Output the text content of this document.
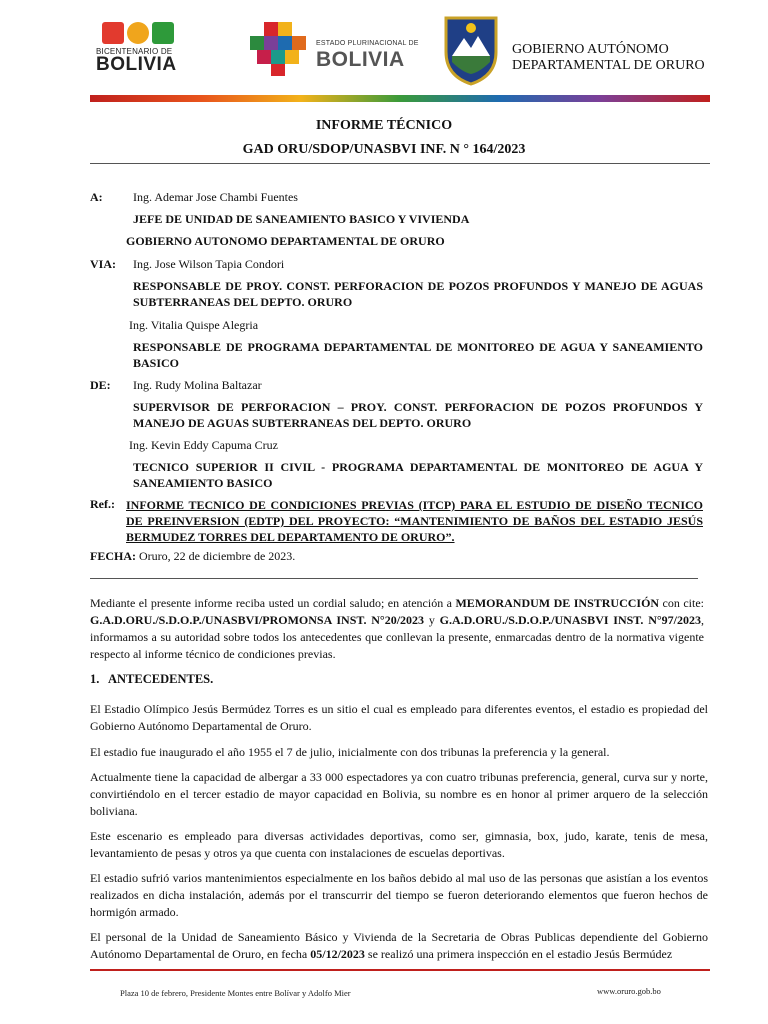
BICENTENARIO DE
BOLIVIA
ESTADO PLURINACIONAL DE
BOLIVIA	GOBIERNO AUTÓNOMO
DEPARTAMENTAL DE ORURO
INFORME TÉCNICO
GAD ORU/SDOP/UNASBVI INF. N ° 164/2023
A:	Ing. Ademar Jose Chambi Fuentes
JEFE DE UNIDAD DE SANEAMIENTO BASICO Y VIVIENDA
GOBIERNO AUTONOMO DEPARTAMENTAL DE ORURO
VIA: Ing. Jose Wilson Tapia Condori
RESPONSABLE DE PROY. CONST. PERFORACION DE POZOS PROFUNDOS Y MANEJO DE AGUAS SUBTERRANEAS DEL DEPTO. ORURO
Ing. Vitalia Quispe Alegria
RESPONSABLE DE PROGRAMA DEPARTAMENTAL DE MONITOREO DE AGUA Y SANEAMIENTO BASICO
DE: Ing. Rudy Molina Baltazar
SUPERVISOR DE PERFORACION – PROY. CONST. PERFORACION DE POZOS PROFUNDOS Y MANEJO DE AGUAS SUBTERRANEAS DEL DEPTO. ORURO
Ing. Kevin Eddy Capuma Cruz
TECNICO SUPERIOR II CIVIL - PROGRAMA DEPARTAMENTAL DE MONITOREO DE AGUA Y SANEAMIENTO BASICO
Ref.: INFORME TECNICO DE CONDICIONES PREVIAS (ITCP) PARA EL ESTUDIO DE DISEÑO TECNICO DE PREINVERSION (EDTP) DEL PROYECTO: “MANTENIMIENTO DE BAÑOS DEL ESTADIO JESÚS BERMUDEZ TORRES DEL DEPARTAMENTO DE ORURO”.
FECHA: Oruro, 22 de diciembre de 2023.
Mediante el presente informe reciba usted un cordial saludo; en atención a MEMORANDUM DE INSTRUCCIÓN con cite: G.A.D.ORU./S.D.O.P./UNASBVI/PROMONSA INST. N°20/2023 y G.A.D.ORU./S.D.O.P./UNASBVI INST. N°97/2023, informamos a su autoridad sobre todos los antecedentes que conllevan la presente, enmarcadas dentro de la normativa vigente respecto al informe técnico de condiciones previas.
1. ANTECEDENTES.
El Estadio Olímpico Jesús Bermúdez Torres es un sitio el cual es empleado para diferentes eventos, el estadio es propiedad del Gobierno Autónomo Departamental de Oruro.
El estadio fue inaugurado el año 1955 el 7 de julio, inicialmente con dos tribunas la preferencia y la general.
Actualmente tiene la capacidad de albergar a 33 000 espectadores ya con cuatro tribunas preferencia, general, curva sur y norte, convirtiéndolo en el tercer estadio de mayor capacidad en Bolivia, su nombre es en honor al primer arquero de la selección boliviana.
Este escenario es empleado para diversas actividades deportivas, como ser, gimnasia, box, judo, karate, tenis de mesa, levantamiento de pesas y otros ya que cuenta con instalaciones de escuelas deportivas.
El estadio sufrió varios mantenimientos especialmente en los baños debido al mal uso de las personas que asistían a los eventos realizados en dicha instalación, además por el transcurrir del tiempo se fueron deteriorando elementos que fueron hechos de hormigón armado.
El personal de la Unidad de Saneamiento Básico y Vivienda de la Secretaria de Obras Publicas dependiente del Gobierno Autónomo Departamental de Oruro, en fecha 05/12/2023 se realizó una primera inspección en el estadio Jesús Bermúdez
Plaza 10 de febrero, Presidente Montes entre Bolívar y Adolfo Mier	www.oruro.gob.bo
